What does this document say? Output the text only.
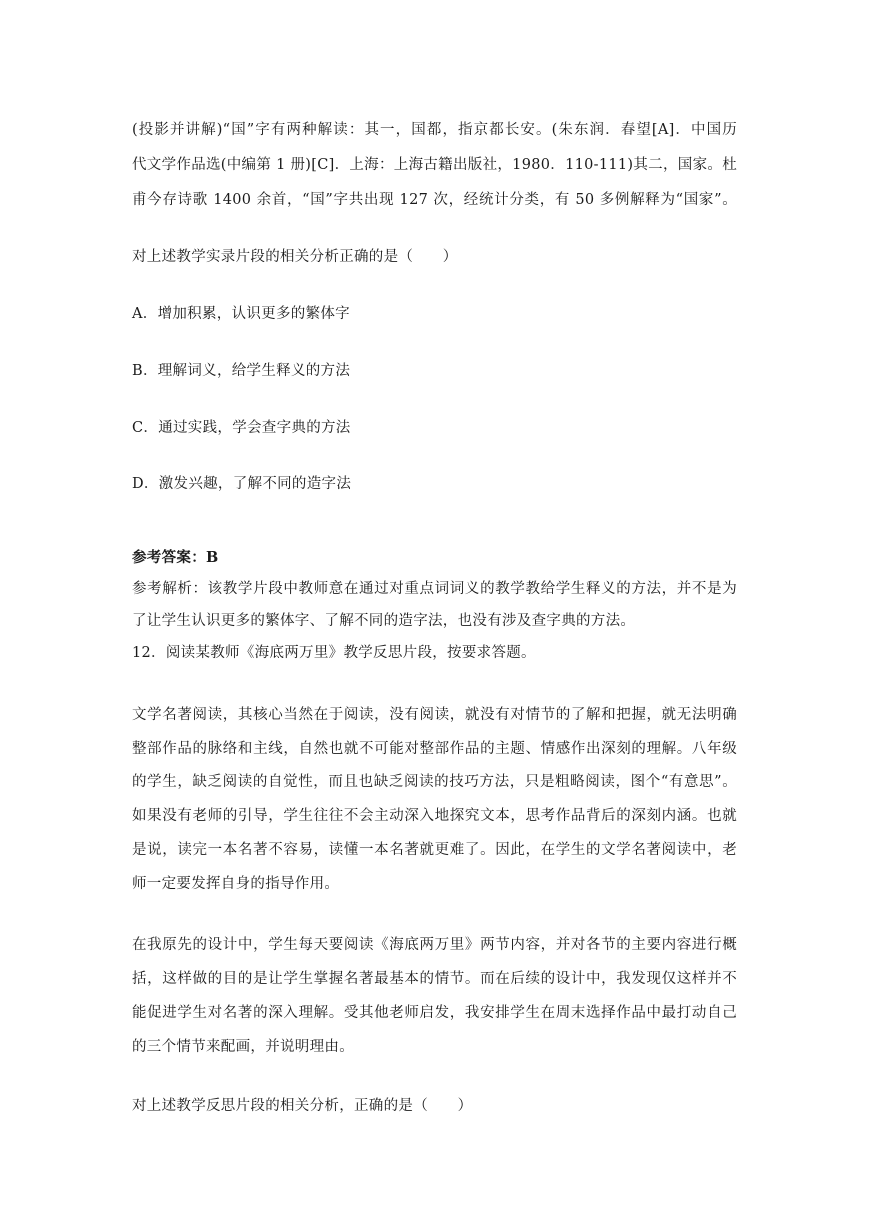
(投影并讲解)“国”字有两种解读：其一，国都，指京都长安。(朱东润．春望[A]．中国历
代文学作品选(中编第 1 册)[C]．上海：上海古籍出版社，1980．110-111)其二，国家。杜
甫今存诗歌 1400 余首，“国”字共出现 127 次，经统计分类，有 50 多例解释为“国家”。
对上述教学实录片段的相关分析正确的是（　　）
A．增加积累，认识更多的繁体字
B．理解词义，给学生释义的方法
C．通过实践，学会查字典的方法
D．激发兴趣，了解不同的造字法
参考答案：B
参考解析：该教学片段中教师意在通过对重点词词义的教学教给学生释义的方法，并不是为
了让学生认识更多的繁体字、了解不同的造字法，也没有涉及查字典的方法。
12．阅读某教师《海底两万里》教学反思片段，按要求答题。
文学名著阅读，其核心当然在于阅读，没有阅读，就没有对情节的了解和把握，就无法明确
整部作品的脉络和主线，自然也就不可能对整部作品的主题、情感作出深刻的理解。八年级
的学生，缺乏阅读的自觉性，而且也缺乏阅读的技巧方法，只是粗略阅读，图个“有意思”。
如果没有老师的引导，学生往往不会主动深入地探究文本，思考作品背后的深刻内涵。也就
是说，读完一本名著不容易，读懂一本名著就更难了。因此，在学生的文学名著阅读中，老
师一定要发挥自身的指导作用。
在我原先的设计中，学生每天要阅读《海底两万里》两节内容，并对各节的主要内容进行概
括，这样做的目的是让学生掌握名著最基本的情节。而在后续的设计中，我发现仅这样并不
能促进学生对名著的深入理解。受其他老师启发，我安排学生在周末选择作品中最打动自己
的三个情节来配画，并说明理由。
对上述教学反思片段的相关分析，正确的是（　　）
